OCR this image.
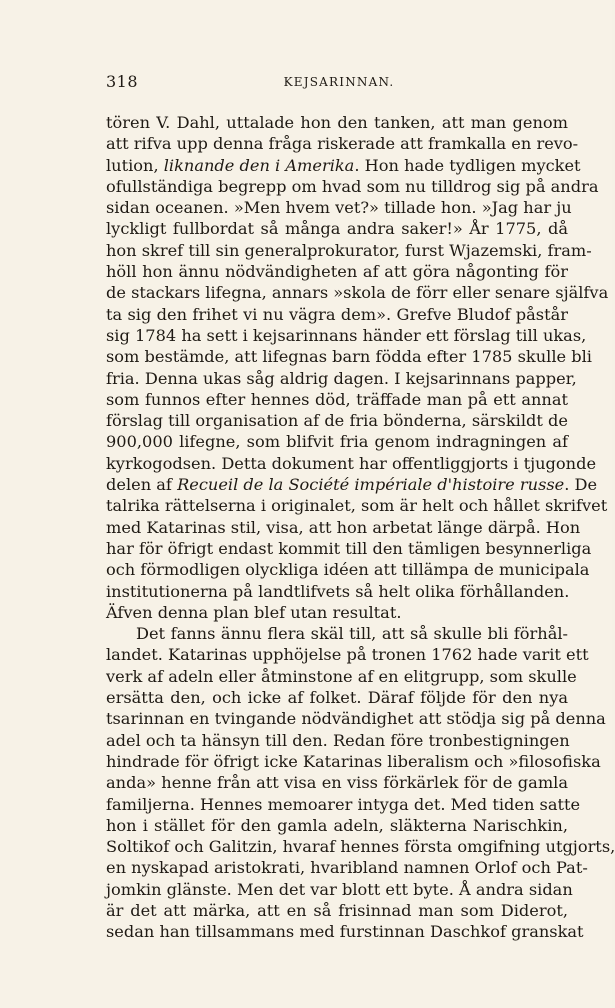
318	KEJSARINNAN.
tören V. Dahl, uttalade hon den tanken, att man genom
att rifva upp denna fråga riskerade att framkalla en revo-
lution, liknande den i Amerika. Hon hade tydligen mycket
ofullständiga begrepp om hvad som nu tilldrog sig på andra
sidan oceanen. »Men hvem vet?» tillade hon. »Jag har ju
lyckligt fullbordat så många andra saker!» År 1775, då
hon skref till sin generalprokurator, furst Wjazemski, fram-
höll hon ännu nödvändigheten af att göra någonting för
de stackars lifegna, annars »skola de förr eller senare själfva
ta sig den frihet vi nu vägra dem». Grefve Bludof påstår
sig 1784 ha sett i kejsarinnans händer ett förslag till ukas,
som bestämde, att lifegnas barn födda efter 1785 skulle bli
fria. Denna ukas såg aldrig dagen. I kejsarinnans papper,
som funnos efter hennes död, träffade man på ett annat
förslag till organisation af de fria bönderna, särskildt de
900,000 lifegne, som blifvit fria genom indragningen af
kyrkogodsen. Detta dokument har offentliggjorts i tjugonde
delen af Recueil de la Société impériale d'histoire russe. De
talrika rättelserna i originalet, som är helt och hållet skrifvet
med Katarinas stil, visa, att hon arbetat länge därpå. Hon
har för öfrigt endast kommit till den tämligen besynnerliga
och förmodligen olyckliga idéen att tillämpa de municipala
institutionerna på landtlifvets så helt olika förhållanden.
Äfven denna plan blef utan resultat.
Det fanns ännu flera skäl till, att så skulle bli förhål-
landet. Katarinas upphöjelse på tronen 1762 hade varit ett
verk af adeln eller åtminstone af en elitgrupp, som skulle
ersätta den, och icke af folket. Däraf följde för den nya
tsarinnan en tvingande nödvändighet att stödja sig på denna
adel och ta hänsyn till den. Redan före tronbestigningen
hindrade för öfrigt icke Katarinas liberalism och »filosofiska
anda» henne från att visa en viss förkärlek för de gamla
familjerna. Hennes memoarer intyga det. Med tiden satte
hon i stället för den gamla adeln, släkterna Narischkin,
Soltikof och Galitzin, hvaraf hennes första omgifning utgjorts,
en nyskapad aristokrati, hvaribland namnen Orlof och Pat-
jomkin glänste. Men det var blott ett byte. Å andra sidan
är det att märka, att en så frisinnad man som Diderot,
sedan han tillsammans med furstinnan Daschkof granskat
